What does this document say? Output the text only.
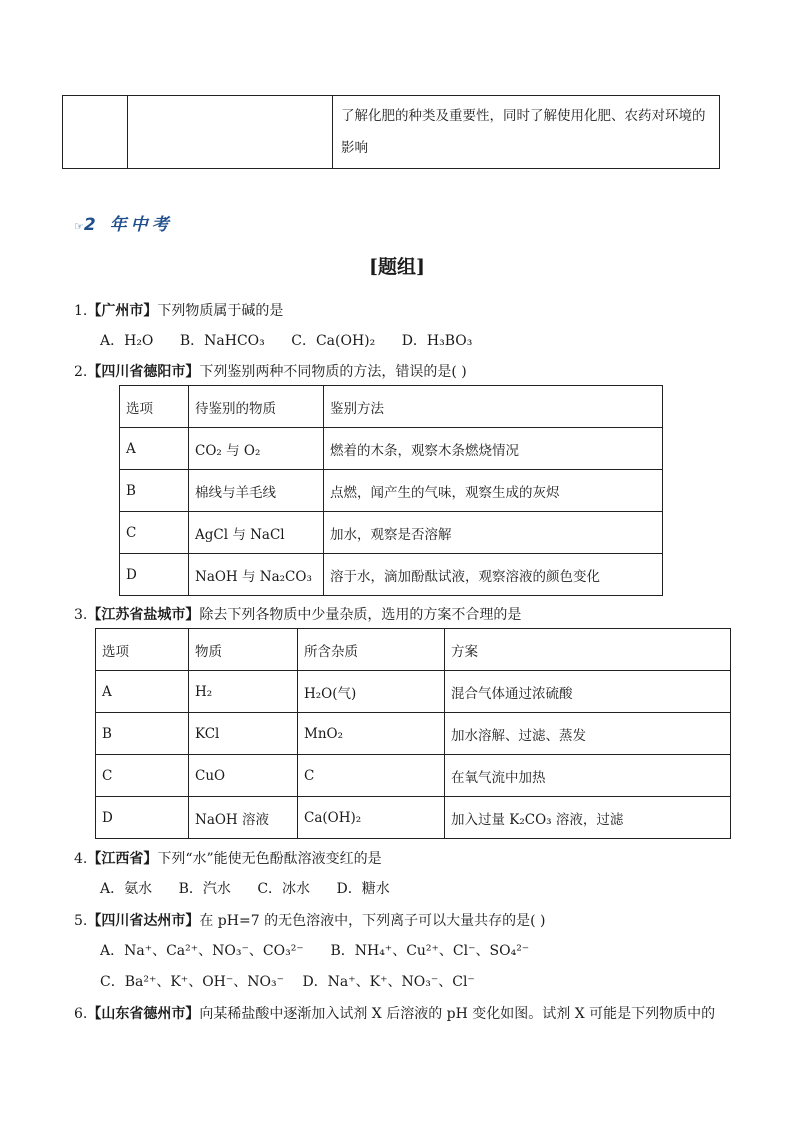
		了解化肥的种类及重要性，同时了解使用化肥、农药对环境的影响
☞2 年中考
[题组]
1.【广州市】下列物质属于碱的是
A．H₂O B．NaHCO₃ C．Ca(OH)₂ D．H₃BO₃
2.【四川省德阳市】下列鉴别两种不同物质的方法，错误的是( )
选项	待鉴别的物质	鉴别方法
A	CO₂ 与 O₂	燃着的木条，观察木条燃烧情况
B	棉线与羊毛线	点燃，闻产生的气味，观察生成的灰烬
C	AgCl 与 NaCl	加水，观察是否溶解
D	NaOH 与 Na₂CO₃	溶于水，滴加酚酞试液，观察溶液的颜色变化
3.【江苏省盐城市】除去下列各物质中少量杂质，选用的方案不合理的是
选项	物质	所含杂质	方案
A	H₂	H₂O(气)	混合气体通过浓硫酸
B	KCl	MnO₂	加水溶解、过滤、蒸发
C	CuO	C	在氧气流中加热
D	NaOH 溶液	Ca(OH)₂	加入过量 K₂CO₃ 溶液，过滤
4.【江西省】下列“水”能使无色酚酞溶液变红的是
A．氨水 B．汽水 C．冰水 D．糖水
5.【四川省达州市】在 pH=7 的无色溶液中，下列离子可以大量共存的是( )
A．Na⁺、Ca²⁺、NO₃⁻、CO₃²⁻ B．NH₄⁺、Cu²⁺、Cl⁻、SO₄²⁻
C．Ba²⁺、K⁺、OH⁻、NO₃⁻ D．Na⁺、K⁺、NO₃⁻、Cl⁻
6.【山东省德州市】向某稀盐酸中逐渐加入试剂 X 后溶液的 pH 变化如图。试剂 X 可能是下列物质中的
